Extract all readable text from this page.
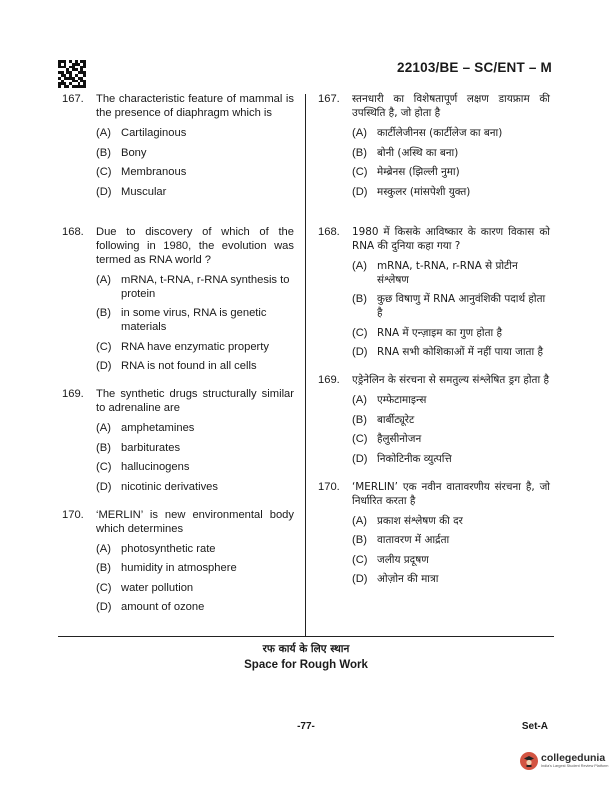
22103/BE – SC/ENT – M
167.	The characteristic feature of mammal is the presence of diaphragm which is
(A) Cartilaginous
(B) Bony
(C) Membranous
(D) Muscular
168.	Due to discovery of which of the following in 1980, the evolution was termed as RNA world ?
(A) mRNA, t-RNA, r-RNA synthesis to protein
(B) in some virus, RNA is genetic materials
(C) RNA have enzymatic property
(D) RNA is not found in all cells
169.	The synthetic drugs structurally similar to adrenaline are
(A) amphetamines
(B) barbiturates
(C) hallucinogens
(D) nicotinic derivatives
170.	‘MERLIN’ is new environmental body which determines
(A) photosynthetic rate
(B) humidity in atmosphere
(C) water pollution
(D) amount of ozone
167.	स्तनधारी का विशेषतापूर्ण लक्षण डायफ्राम की उपस्थिति है, जो होता है
(A) कार्टीलेजीनस (कार्टीलेज का बना)
(B) बोनी (अस्थि का बना)
(C) मेम्ब्रेनस (झिल्ली नुमा)
(D) मस्कुलर (मांसपेशी युक्त)
168.	1980 में किसके आविष्कार के कारण विकास को RNA की दुनिया कहा गया ?
(A) mRNA, t-RNA, r-RNA से प्रोटीन संश्लेषण
(B) कुछ विषाणु में RNA आनुवंशिकी पदार्थ होता है
(C) RNA में एन्ज़ाइम का गुण होता है
(D) RNA सभी कोशिकाओं में नहीं पाया जाता है
169.	एड्रेनेलिन के संरचना से समतुल्य संश्लेषित ड्रग होता है
(A) एम्फेटामाइन्स
(B) बार्बीट्यूरेट
(C) हैलुसीनोजन
(D) निकोटिनीक व्युत्पत्ति
170.	‘MERLIN’ एक नवीन वातावरणीय संरचना है, जो निर्धारित करता है
(A) प्रकाश संश्लेषण की दर
(B) वातावरण में आर्द्रता
(C) जलीय प्रदूषण
(D) ओज़ोन की मात्रा
रफ कार्य के लिए स्थान
Space for Rough Work
-77-	Set-A
collegedunia
India's Largest Student Review Platform
